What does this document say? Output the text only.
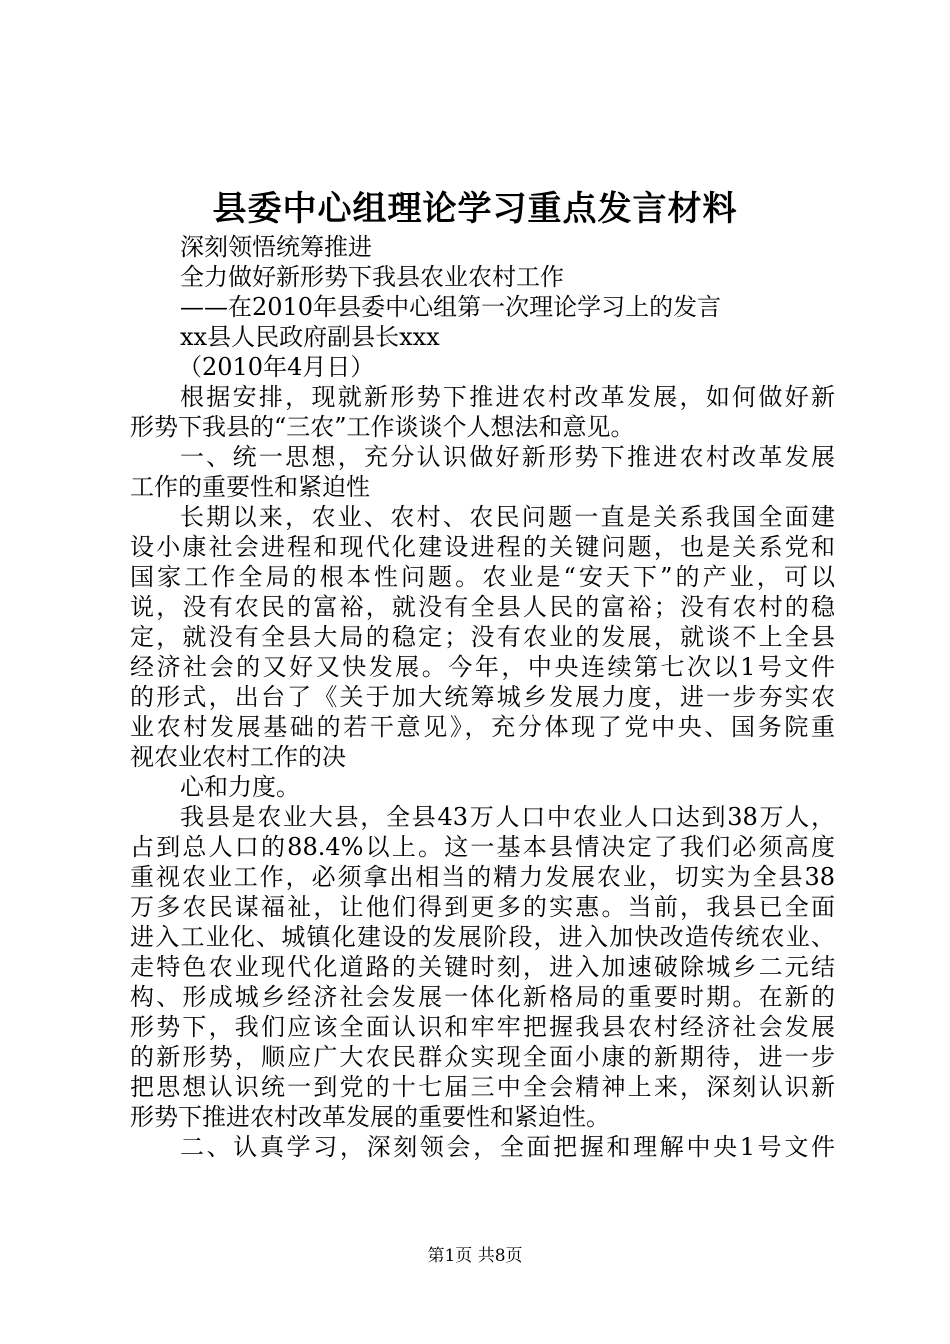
县委中心组理论学习重点发言材料
深刻领悟统筹推进
全力做好新形势下我县农业农村工作
——在2010年县委中心组第一次理论学习上的发言
xx县人民政府副县长xxx
（2010年4月日）
根据安排，现就新形势下推进农村改革发展，如何做好新
形势下我县的“三农”工作谈谈个人想法和意见。
一、统一思想，充分认识做好新形势下推进农村改革发展
工作的重要性和紧迫性
长期以来，农业、农村、农民问题一直是关系我国全面建
设小康社会进程和现代化建设进程的关键问题，也是关系党和
国家工作全局的根本性问题。农业是“安天下”的产业，可以
说，没有农民的富裕，就没有全县人民的富裕；没有农村的稳
定，就没有全县大局的稳定；没有农业的发展，就谈不上全县
经济社会的又好又快发展。今年，中央连续第七次以1号文件
的形式，出台了《关于加大统筹城乡发展力度，进一步夯实农
业农村发展基础的若干意见》，充分体现了党中央、国务院重
视农业农村工作的决
心和力度。
我县是农业大县，全县43万人口中农业人口达到38万人，
占到总人口的88.4%以上。这一基本县情决定了我们必须高度
重视农业工作，必须拿出相当的精力发展农业，切实为全县38
万多农民谋福祉，让他们得到更多的实惠。当前，我县已全面
进入工业化、城镇化建设的发展阶段，进入加快改造传统农业、
走特色农业现代化道路的关键时刻，进入加速破除城乡二元结
构、形成城乡经济社会发展一体化新格局的重要时期。在新的
形势下，我们应该全面认识和牢牢把握我县农村经济社会发展
的新形势，顺应广大农民群众实现全面小康的新期待，进一步
把思想认识统一到党的十七届三中全会精神上来，深刻认识新
形势下推进农村改革发展的重要性和紧迫性。
二、认真学习，深刻领会，全面把握和理解中央1号文件
第1页 共8页
